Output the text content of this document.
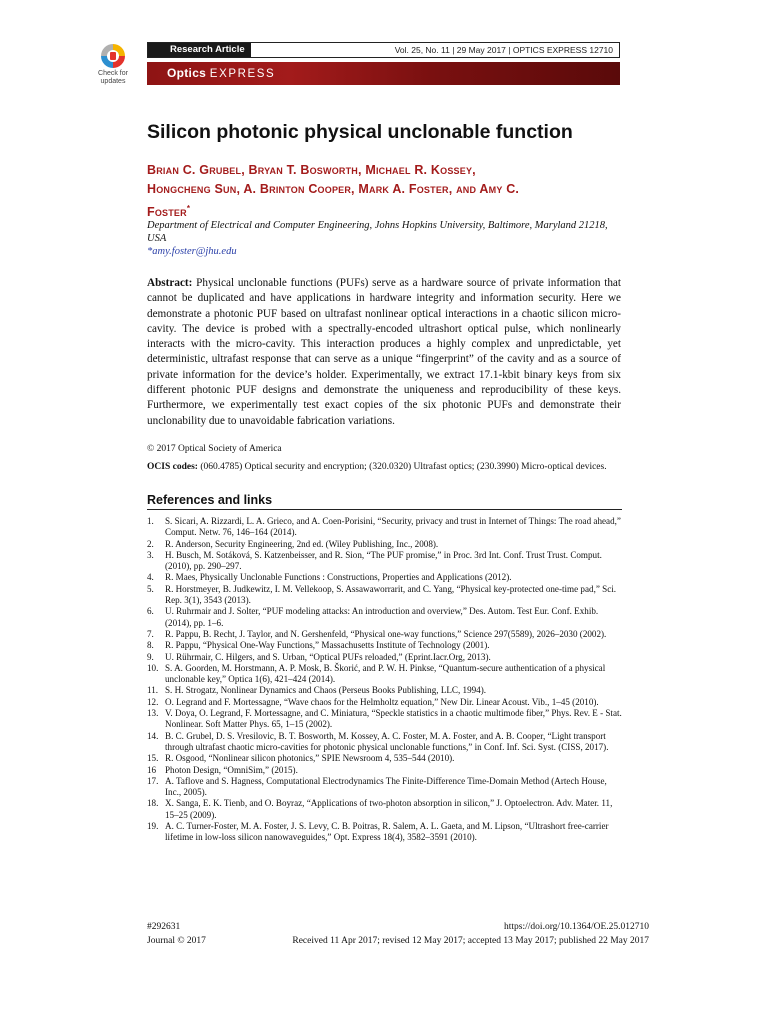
Check for updates
Research Article	Vol. 25, No. 11 | 29 May 2017 | OPTICS EXPRESS 12710
Optics EXPRESS
Silicon photonic physical unclonable function
Brian C. Grubel, Bryan T. Bosworth, Michael R. Kossey,
Hongcheng Sun, A. Brinton Cooper, Mark A. Foster, and Amy C.
Foster*
Department of Electrical and Computer Engineering, Johns Hopkins University, Baltimore, Maryland 21218, USA
*amy.foster@jhu.edu

Abstract: Physical unclonable functions (PUFs) serve as a hardware source of private information that cannot be duplicated and have applications in hardware integrity and information security. Here we demonstrate a photonic PUF based on ultrafast nonlinear optical interactions in a chaotic silicon micro-cavity. The device is probed with a spectrally-encoded ultrashort optical pulse, which nonlinearly interacts with the micro-cavity. This interaction produces a highly complex and unpredictable, yet deterministic, ultrafast response that can serve as a unique “fingerprint” of the cavity and as a source of private information for the device’s holder. Experimentally, we extract 17.1-kbit binary keys from six different photonic PUF designs and demonstrate the uniqueness and reproducibility of these keys. Furthermore, we experimentally test exact copies of the six photonic PUFs and demonstrate their unclonability due to unavoidable fabrication variations.

© 2017 Optical Society of America

OCIS codes: (060.4785) Optical security and encryption; (320.0320) Ultrafast optics; (230.3990) Micro-optical devices.

References and links
1.	S. Sicari, A. Rizzardi, L. A. Grieco, and A. Coen-Porisini, “Security, privacy and trust in Internet of Things: The road ahead,” Comput. Netw. 76, 146–164 (2014).
2.	R. Anderson, Security Engineering, 2nd ed. (Wiley Publishing, Inc., 2008).
3.	H. Busch, M. Sotáková, S. Katzenbeisser, and R. Sion, “The PUF promise,” in Proc. 3rd Int. Conf. Trust Trust. Comput. (2010), pp. 290–297.
4.	R. Maes, Physically Unclonable Functions : Constructions, Properties and Applications (2012).
5.	R. Horstmeyer, B. Judkewitz, I. M. Vellekoop, S. Assawaworrarit, and C. Yang, “Physical key-protected one-time pad,” Sci. Rep. 3(1), 3543 (2013).
6.	U. Ruhrmair and J. Solter, “PUF modeling attacks: An introduction and overview,” Des. Autom. Test Eur. Conf. Exhib. (2014), pp. 1–6.
7.	R. Pappu, B. Recht, J. Taylor, and N. Gershenfeld, “Physical one-way functions,” Science 297(5589), 2026–2030 (2002).
8.	R. Pappu, “Physical One-Way Functions,” Massachusetts Institute of Technology (2001).
9.	U. Rührmair, C. Hilgers, and S. Urban, “Optical PUFs reloaded,” (Eprint.Iacr.Org, 2013).
10. S. A. Goorden, M. Horstmann, A. P. Mosk, B. Škorić, and P. W. H. Pinkse, “Quantum-secure authentication of a physical unclonable key,” Optica 1(6), 421–424 (2014).
11. S. H. Strogatz, Nonlinear Dynamics and Chaos (Perseus Books Publishing, LLC, 1994).
12. O. Legrand and F. Mortessagne, “Wave chaos for the Helmholtz equation,” New Dir. Linear Acoust. Vib., 1–45 (2010).
13. V. Doya, O. Legrand, F. Mortessagne, and C. Miniatura, “Speckle statistics in a chaotic multimode fiber,” Phys. Rev. E - Stat. Nonlinear. Soft Matter Phys. 65, 1–15 (2002).
14. B. C. Grubel, D. S. Vresilovic, B. T. Bosworth, M. Kossey, A. C. Foster, M. A. Foster, and A. B. Cooper, “Light transport through ultrafast chaotic micro-cavities for photonic physical unclonable functions,” in Conf. Inf. Sci. Syst. (CISS, 2017).
15. R. Osgood, “Nonlinear silicon photonics,” SPIE Newsroom 4, 535–544 (2010).
16 Photon Design, “OmniSim,” (2015).
17. A. Taflove and S. Hagness, Computational Electrodynamics The Finite-Difference Time-Domain Method (Artech House, Inc., 2005).
18. X. Sanga, E. K. Tienb, and O. Boyraz, “Applications of two-photon absorption in silicon,” J. Optoelectron. Adv. Mater. 11, 15–25 (2009).
19. A. C. Turner-Foster, M. A. Foster, J. S. Levy, C. B. Poitras, R. Salem, A. L. Gaeta, and M. Lipson, “Ultrashort free-carrier lifetime in low-loss silicon nanowaveguides,” Opt. Express 18(4), 3582–3591 (2010).
#292631	https://doi.org/10.1364/OE.25.012710
Journal © 2017	Received 11 Apr 2017; revised 12 May 2017; accepted 13 May 2017; published 22 May 2017
